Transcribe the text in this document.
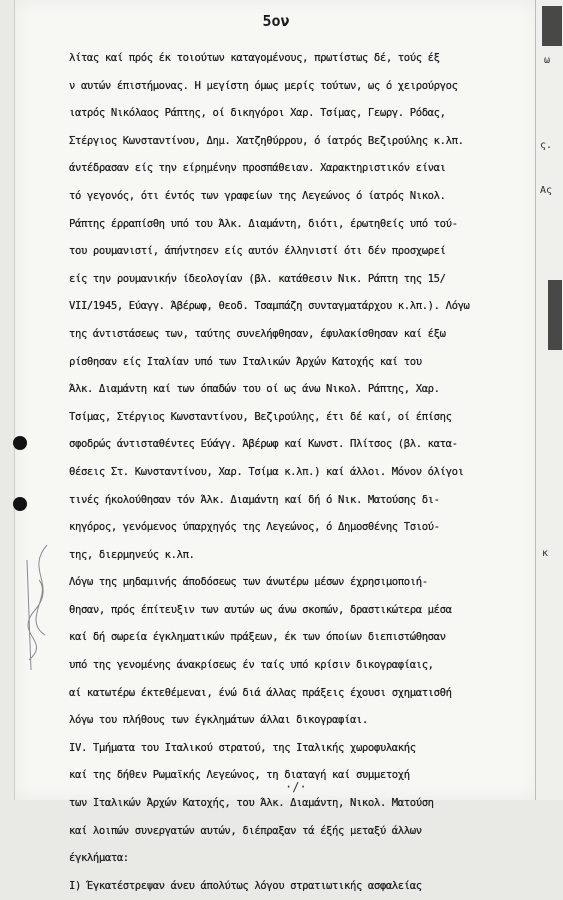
5ον
λίτας καί πρός έκ τοιούτων καταγομένους, πρωτίστως δέ, τούς έξ
ν αυτών έπιστήμονας. Η μεγίστη όμως μερίς τούτων, ως ό χειρούργος
ιατρός Νικόλαος Ράπτης, οί δικηγόροι Χαρ. Τσίμας, Γεωργ. Ρόδας,
Στέργιος Κωνσταντίνου, Δημ. Χατζηθύρρου, ό ίατρός Βεζιρούλης κ.λπ.
άντέδρασαν είς την είρημένην προσπάθειαν. Χαρακτηριστικόν είναι
τό γεγονός, ότι έντός των γραφείων της Λεγεώνος ό ίατρός Νικολ.
Ράπτης έρραπίσθη υπό του Άλκ. Διαμάντη, διότι, έρωτηθείς υπό τού-
του ρουμανιστί, άπήντησεν είς αυτόν έλληνιστί ότι δέν προσχωρεί
είς την ρουμανικήν ίδεολογίαν (βλ. κατάθεσιν Νικ. Ράπτη της 15/
VII/1945, Εύαγγ. Άβέρωφ, θεοδ. Τσαμπάζη συνταγματάρχου κ.λπ.). Λόγω
της άντιστάσεως των, ταύτης συνελήφθησαν, έφυλακίσθησαν καί έξω
ρίσθησαν είς Ιταλίαν υπό των Ιταλικών Άρχών Κατοχής καί του
Άλκ. Διαμάντη καί των όπαδών του οί ως άνω Νικολ. Ράπτης, Χαρ.
Τσίμας, Στέργιος Κωνσταντίνου, Βεζιρούλης, έτι δέ καί, οί έπίσης
σφοδρώς άντισταθέντες Εύάγγ. Άβέρωφ καί Κωνστ. Πλίτσος (βλ. κατα-
θέσεις Στ. Κωνσταντίνου, Χαρ. Τσίμα κ.λπ.) καί άλλοι. Μόνον όλίγοι
τινές ήκολούθησαν τόν Άλκ. Διαμάντη καί δή ό Νικ. Ματούσης δι-
κηγόρος, γενόμενος ύπαρχηγός της Λεγεώνος, ό Δημοσθένης Τσιού-
της, διερμηνεύς κ.λπ.
Λόγω της μηδαμινής άποδόσεως των άνωτέρω μέσων έχρησιμοποιή-
θησαν, πρός έπίτευξιν των αυτών ως άνω σκοπών, δραστικώτερα μέσα
καί δή σωρεία έγκληματικών πράξεων, έκ των όποίων διεπιστώθησαν
υπό της γενομένης άνακρίσεως έν ταίς υπό κρίσιν δικογραφίαις,
αί κατωτέρω έκτεθέμεναι, ένώ διά άλλας πράξεις έχουσι σχηματισθή
λόγω του πλήθους των έγκλημάτων άλλαι δικογραφίαι.
IV. Τμήματα του Ιταλικού στρατού, της Ιταλικής χωροφυλακής
καί της δήθεν Ρωμαϊκής Λεγεώνος, τη διαταγή καί συμμετοχή
των Ιταλικών Άρχών Κατοχής, του Άλκ. Διαμάντη, Νικολ. Ματούση
καί λοιπών συνεργατών αυτών, διέπραξαν τά έξής μεταξύ άλλων
έγκλήματα:
I) Έγκατέστρεψαν άνευ άπολύτως λόγου στρατιωτικής ασφαλείας
·/·
ω
ς.
Ας
κ
